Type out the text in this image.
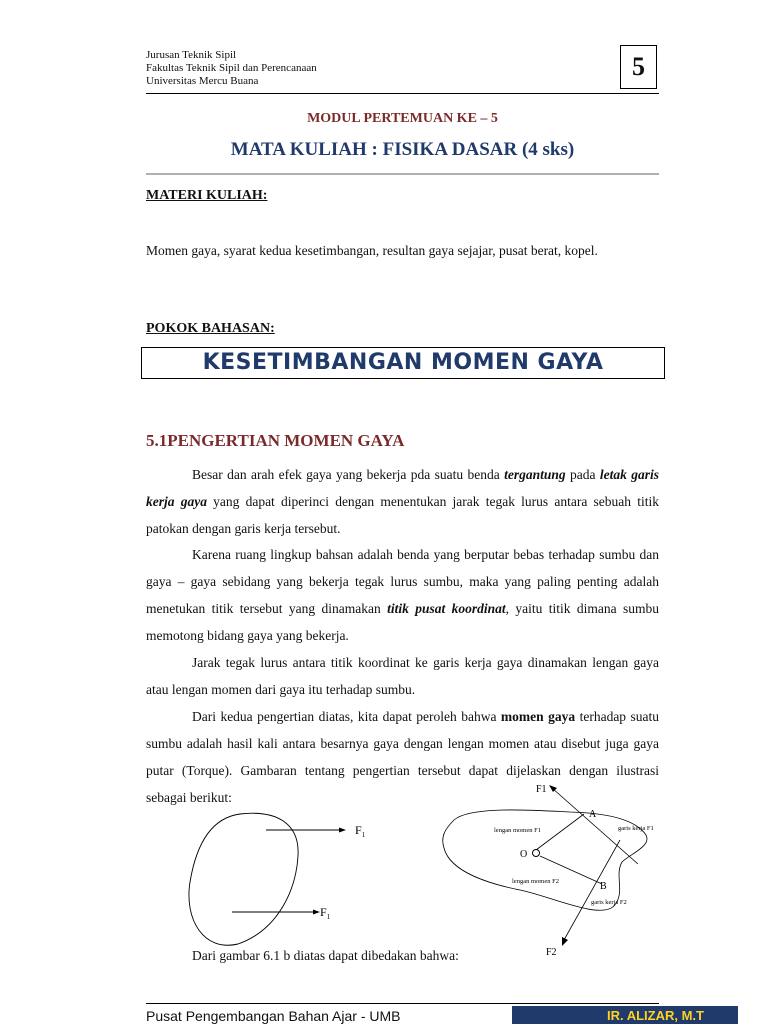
Jurusan Teknik Sipil
Fakultas Teknik Sipil dan Perencanaan
Universitas Mercu Buana	5
MODUL PERTEMUAN KE – 5
MATA KULIAH : FISIKA DASAR (4 sks)
MATERI KULIAH:
Momen gaya, syarat kedua kesetimbangan, resultan gaya sejajar, pusat berat, kopel.
POKOK BAHASAN:
KESETIMBANGAN MOMEN GAYA
5.1PENGERTIAN MOMEN GAYA
Besar dan arah efek gaya yang bekerja pda suatu benda tergantung pada letak garis kerja gaya yang dapat diperinci dengan menentukan jarak tegak lurus antara sebuah titik patokan dengan garis kerja tersebut.
Karena ruang lingkup bahsan adalah benda yang berputar bebas terhadap sumbu dan gaya – gaya sebidang yang bekerja tegak lurus sumbu, maka yang paling penting adalah menetukan titik tersebut yang dinamakan titik pusat koordinat, yaitu titik dimana sumbu memotong bidang gaya yang bekerja.
Jarak tegak lurus antara titik koordinat ke garis kerja gaya dinamakan lengan gaya atau lengan momen dari gaya itu terhadap sumbu.
Dari kedua pengertian diatas, kita dapat peroleh bahwa momen gaya terhadap suatu sumbu adalah hasil kali antara besarnya gaya dengan lengan momen atau disebut juga gaya putar (Torque). Gambaran tentang pengertian tersebut dapat dijelaskan dengan ilustrasi sebagai berikut:
$F_1$
$F_1$
F1
A
B
O
F2
lengan momen F1
lengan momen F2
garis kerja F1
garis kerja F2
Dari gambar 6.1 b diatas dapat dibedakan bahwa:
Pusat Pengembangan Bahan Ajar - UMB	IR. ALIZAR, M.T
